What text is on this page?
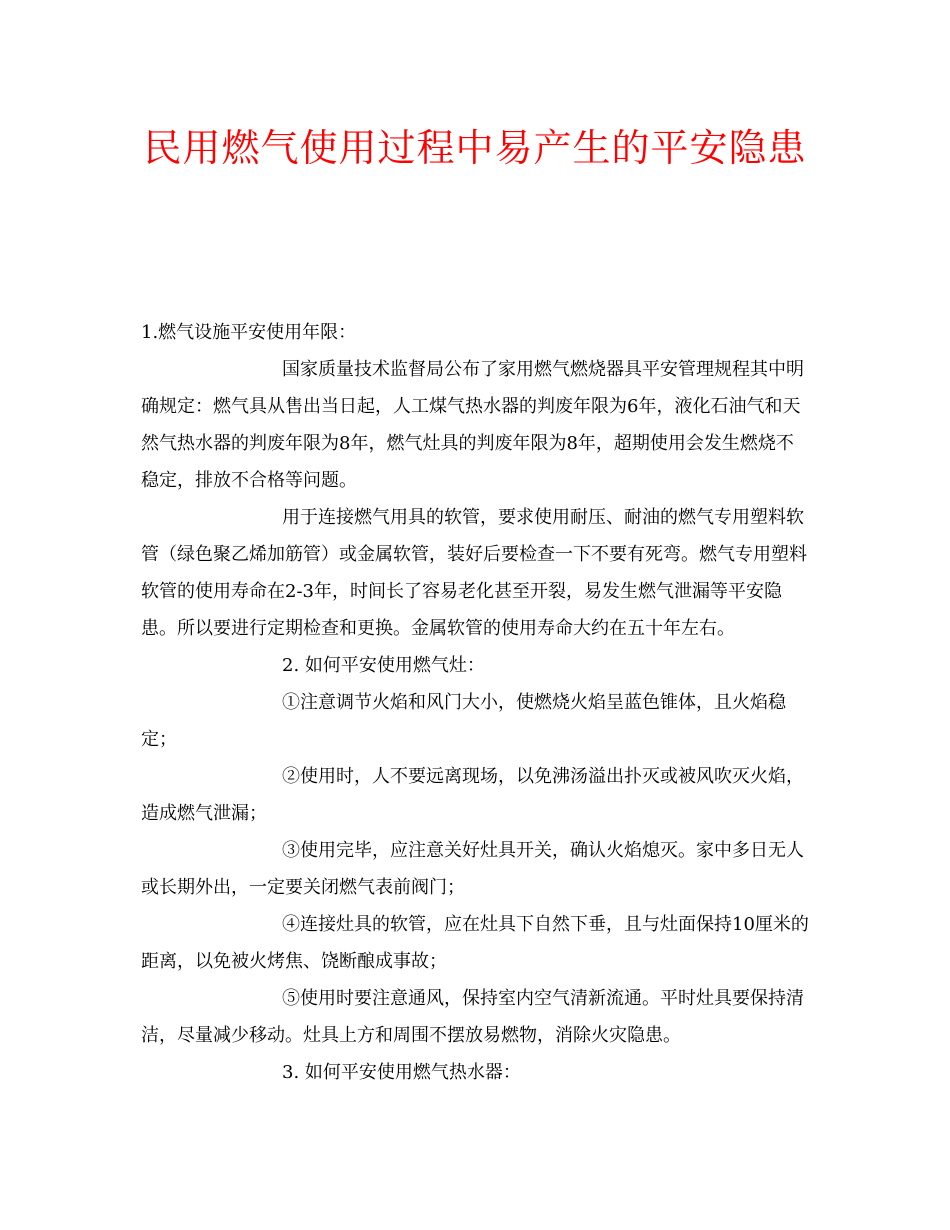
民用燃气使用过程中易产生的平安隐患

1.燃气设施平安使用年限：

国家质量技术监督局公布了家用燃气燃烧器具平安管理规程其中明确规定：燃气具从售出当日起，人工煤气热水器的判废年限为6年，液化石油气和天然气热水器的判废年限为8年，燃气灶具的判废年限为8年，超期使用会发生燃烧不稳定，排放不合格等问题。

用于连接燃气用具的软管，要求使用耐压、耐油的燃气专用塑料软管（绿色聚乙烯加筋管）或金属软管，装好后要检查一下不要有死弯。燃气专用塑料软管的使用寿命在2-3年，时间长了容易老化甚至开裂，易发生燃气泄漏等平安隐患。所以要进行定期检查和更换。金属软管的使用寿命大约在五十年左右。

2. 如何平安使用燃气灶：

①注意调节火焰和风门大小，使燃烧火焰呈蓝色锥体，且火焰稳定；

②使用时，人不要远离现场，以免沸汤溢出扑灭或被风吹灭火焰，造成燃气泄漏；

③使用完毕，应注意关好灶具开关，确认火焰熄灭。家中多日无人或长期外出，一定要关闭燃气表前阀门；

④连接灶具的软管，应在灶具下自然下垂，且与灶面保持10厘米的距离，以免被火烤焦、饶断酿成事故；

⑤使用时要注意通风，保持室内空气清新流通。平时灶具要保持清洁，尽量减少移动。灶具上方和周围不摆放易燃物，消除火灾隐患。

3. 如何平安使用燃气热水器：
